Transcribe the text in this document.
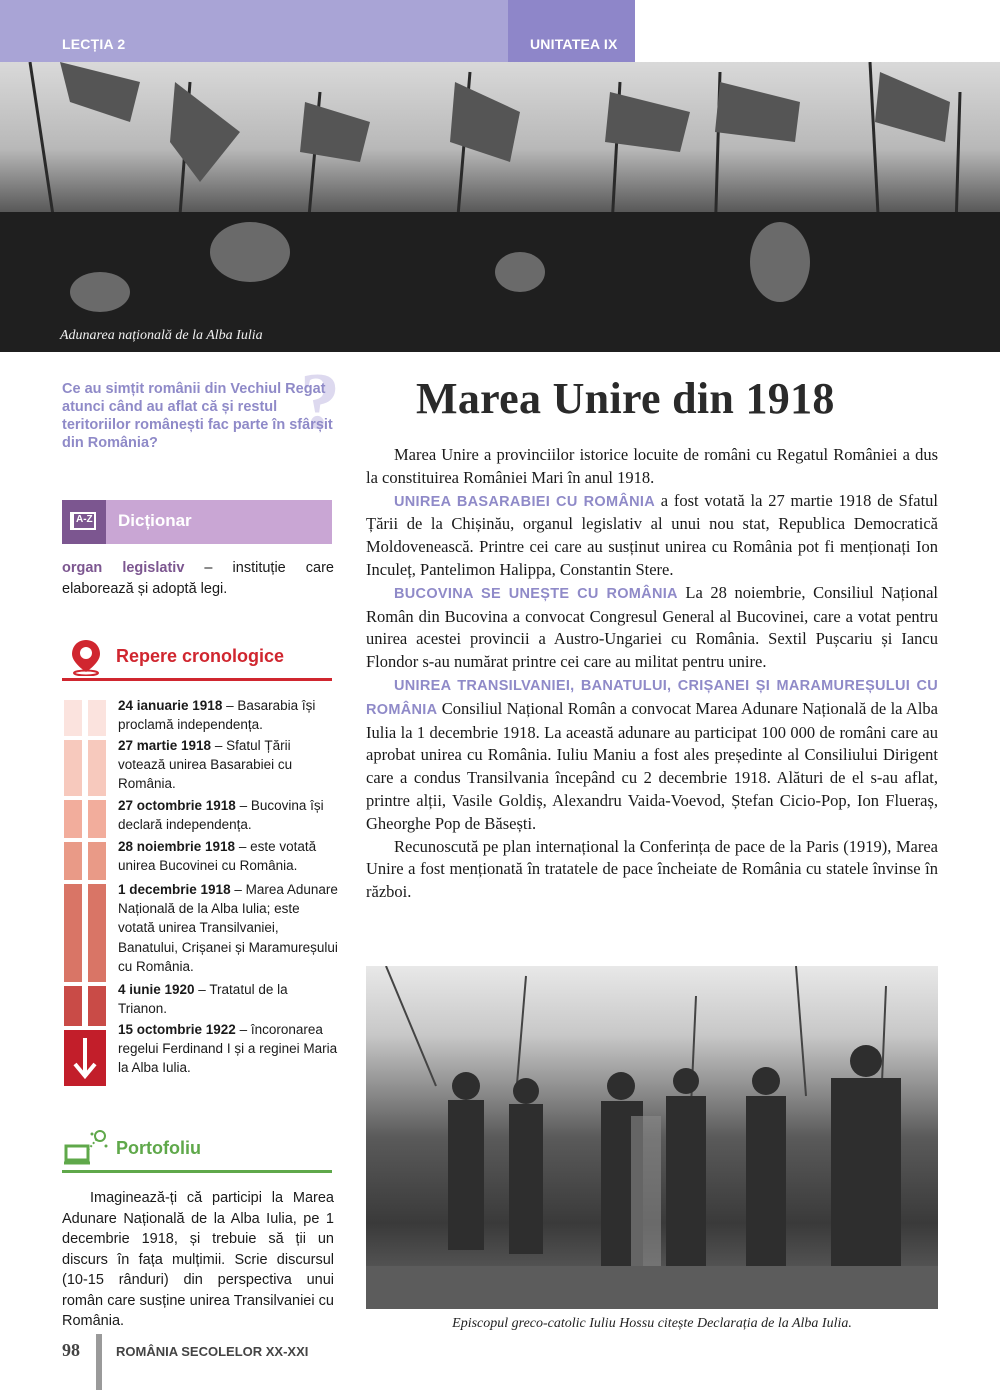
LECȚIA 2	UNITATEA IX
Adunarea națională de la Alba Iulia
?
Ce au simțit românii din Vechiul Regat atunci când au aflat că și restul teritoriilor românești fac parte în sfârșit din România?
A-Z Dicționar
organ legislativ – instituție care elaborează și adoptă legi.
Repere cronologice
24 ianuarie 1918 – Basarabia își proclamă independența.
27 martie 1918 – Sfatul Țării votează unirea Basarabiei cu România.
27 octombrie 1918 – Bucovina își declară independența.
28 noiembrie 1918 – este votată unirea Bucovinei cu România.
1 decembrie 1918 – Marea Adunare Națională de la Alba Iulia; este votată unirea Transilvaniei, Banatului, Crișanei și Maramureșului cu România.
4 iunie 1920 – Tratatul de la Trianon.
15 octombrie 1922 – încoronarea regelui Ferdinand I și a reginei Maria la Alba Iulia.
Portofoliu
Imaginează-ți că participi la Marea Adunare Națională de la Alba Iulia, pe 1 decembrie 1918, și trebuie să ții un discurs în fața mulțimii. Scrie discursul (10-15 rânduri) din perspectiva unui român care susține unirea Transilvaniei cu România.
Marea Unire din 1918

Marea Unire a provinciilor istorice locuite de români cu Regatul României a dus la constituirea României Mari în anul 1918.

UNIREA BASARABIEI CU ROMÂNIA a fost votată la 27 martie 1918 de Sfatul Țării de la Chișinău, organul legislativ al unui nou stat, Republica Democratică Moldovenească. Printre cei care au susținut unirea cu România pot fi menționați Ion Inculeț, Pantelimon Halippa, Constantin Stere.

BUCOVINA SE UNEȘTE CU ROMÂNIA La 28 noiembrie, Consiliul Național Român din Bucovina a convocat Congresul General al Bucovinei, care a votat pentru unirea acestei provincii a Austro-Ungariei cu România. Sextil Pușcariu și Iancu Flondor s-au numărat printre cei care au militat pentru unire.

UNIREA TRANSILVANIEI, BANATULUI, CRIȘANEI ȘI MARAMUREȘULUI CU ROMÂNIA Consiliul Național Român a convocat Marea Adunare Națională de la Alba Iulia la 1 decembrie 1918. La această adunare au participat 100 000 de români care au aprobat unirea cu România. Iuliu Maniu a fost ales președinte al Consiliului Dirigent care a condus Transilvania începând cu 2 decembrie 1918. Alături de el s-au aflat, printre alții, Vasile Goldiș, Alexandru Vaida-Voevod, Ștefan Cicio-Pop, Ion Flueraș, Gheorghe Pop de Băsești.

Recunoscută pe plan internațional la Conferința de pace de la Paris (1919), Marea Unire a fost menționată în tratatele de pace încheiate de România cu statele învinse în război.

Episcopul greco-catolic Iuliu Hossu citește Declarația de la Alba Iulia.
98	ROMÂNIA SECOLELOR XX-XXI
